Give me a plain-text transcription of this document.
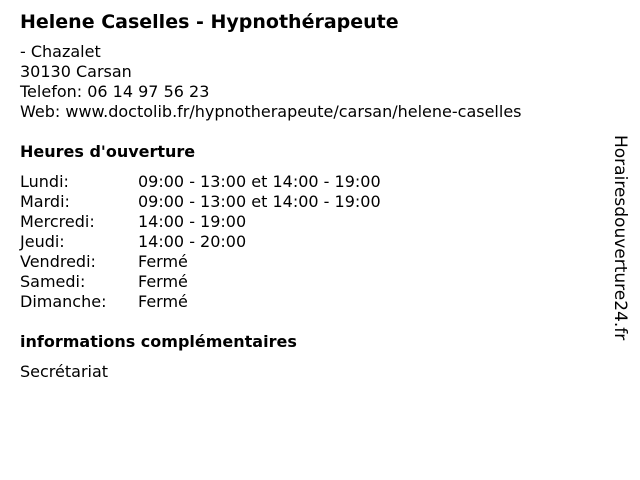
Helene Caselles - Hypnothérapeute
- Chazalet
30130 Carsan
Telefon: 06 14 97 56 23
Web: www.doctolib.fr/hypnotherapeute/carsan/helene-caselles
Heures d'ouverture
Lundi:	09:00 - 13:00 et 14:00 - 19:00
Mardi:	09:00 - 13:00 et 14:00 - 19:00
Mercredi:	14:00 - 19:00
Jeudi:	14:00 - 20:00
Vendredi:	Fermé
Samedi:	Fermé
Dimanche:	Fermé
informations complémentaires
Secrétariat
Horairesdouverture24.fr
